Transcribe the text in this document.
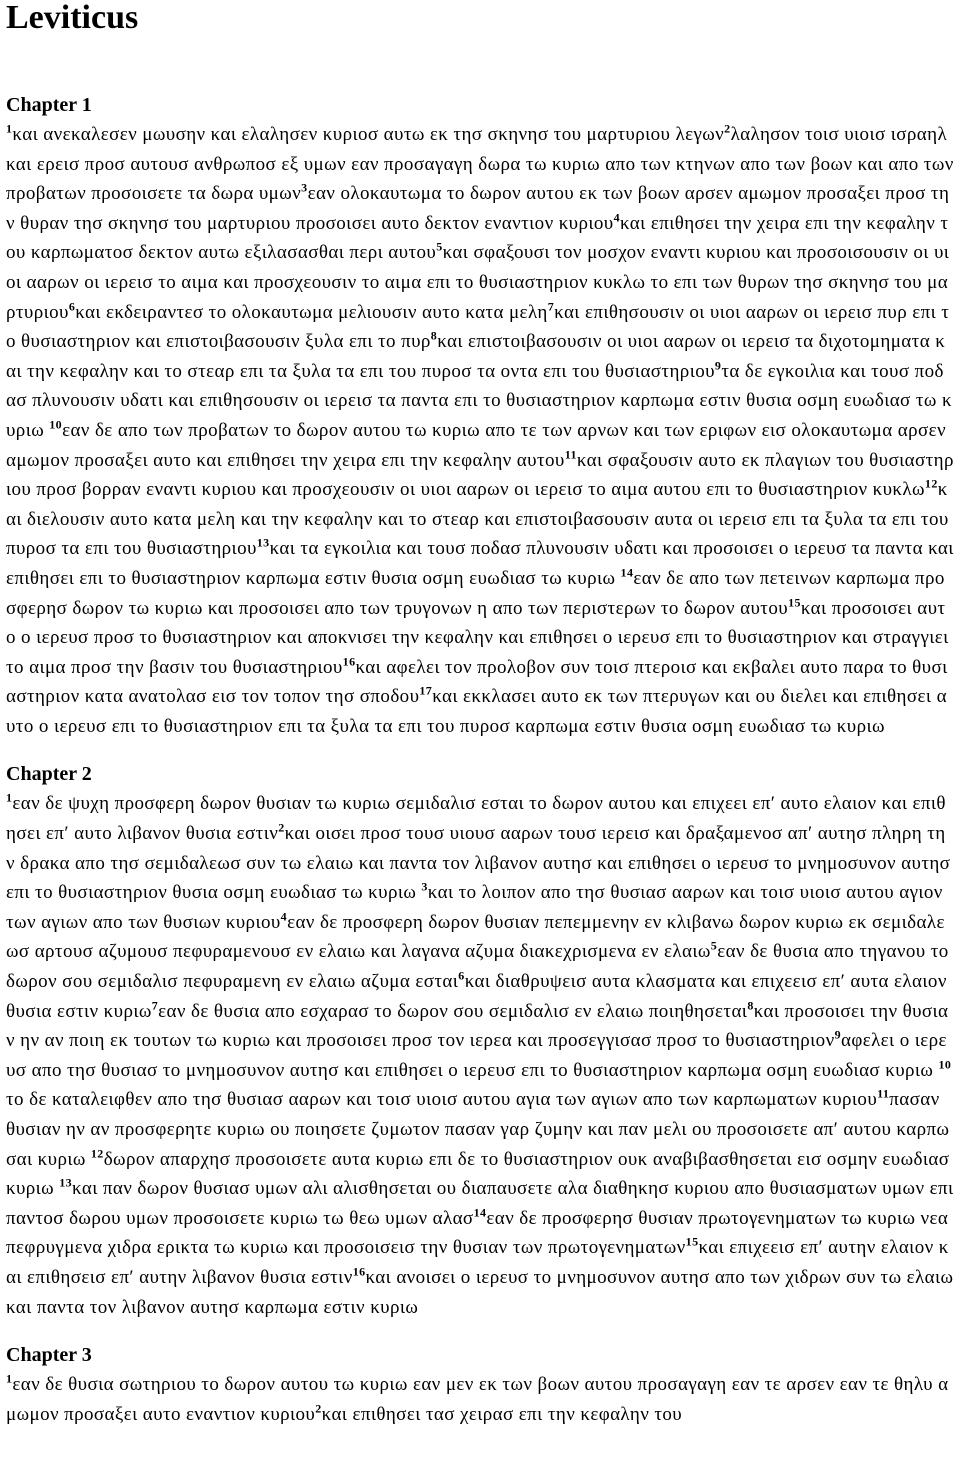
Leviticus
Chapter 1

$^1$και ανεκαλεσεν μωυσην και ελαλησεν κυριοσ αυτω εκ τησ σκηνησ του μαρτυριου λεγων$^2$λαλησον τοισ υιοισ ισραηλ και ερεισ προσ αυτουσ ανθρωποσ εξ υμων εαν προσαγαγη δωρα τω κυριω απο των κτηνων απο των βοων και απο των προβατων προσοισετε τα δωρα υμων$^3$εαν ολοκαυτωμα το δωρον αυτου εκ των βοων αρσεν αμωμον προσαξει προσ την θυραν τησ σκηνησ του μαρτυριου προσοισει αυτο δεκτον εναντιον κυριου$^4$και επιθησει την χειρα επι την κεφαλην του καρπωματοσ δεκτον αυτω εξιλασασθαι περι αυτου$^5$και σφαξουσι τον μοσχον εναντι κυριου και προσοισουσιν οι υιοι ααρων οι ιερεισ το αιμα και προσχεουσιν το αιμα επι το θυσιαστηριον κυκλω το επι των θυρων τησ σκηνησ του μαρτυριου$^6$και εκδειραντεσ το ολοκαυτωμα μελιουσιν αυτο κατα μελη$^7$και επιθησουσιν οι υιοι ααρων οι ιερεισ πυρ επι το θυσιαστηριον και επιστοιβασουσιν ξυλα επι το πυρ$^8$και επιστοιβασουσιν οι υιοι ααρων οι ιερεισ τα διχοτομηματα και την κεφαλην και το στεαρ επι τα ξυλα τα επι του πυροσ τα οντα επι του θυσιαστηριου$^9$τα δε εγκοιλια και τουσ ποδασ πλυνουσιν υδατι και επιθησουσιν οι ιερεισ τα παντα επι το θυσιαστηριον καρπωμα εστιν θυσια οσμη ευωδιασ τω κυριω $^{10}$εαν δε απο των προβατων το δωρον αυτου τω κυριω απο τε των αρνων και των εριφων εισ ολοκαυτωμα αρσεν αμωμον προσαξει αυτο και επιθησει την χειρα επι την κεφαλην αυτου$^{11}$και σφαξουσιν αυτο εκ πλαγιων του θυσιαστηριου προσ βορραν εναντι κυριου και προσχεουσιν οι υιοι ααρων οι ιερεισ το αιμα αυτου επι το θυσιαστηριον κυκλω$^{12}$και διελουσιν αυτο κατα μελη και την κεφαλην και το στεαρ και επιστοιβασουσιν αυτα οι ιερεισ επι τα ξυλα τα επι του πυροσ τα επι του θυσιαστηριου$^{13}$και τα εγκοιλια και τουσ ποδασ πλυνουσιν υδατι και προσοισει ο ιερευσ τα παντα και επιθησει επι το θυσιαστηριον καρπωμα εστιν θυσια οσμη ευωδιασ τω κυριω $^{14}$εαν δε απο των πετεινων καρπωμα προσφερησ δωρον τω κυριω και προσοισει απο των τρυγονων η απο των περιστερων το δωρον αυτου$^{15}$και προσοισει αυτο ο ιερευσ προσ το θυσιαστηριον και αποκνισει την κεφαλην και επιθησει ο ιερευσ επι το θυσιαστηριον και στραγγιει το αιμα προσ την βασιν του θυσιαστηριου$^{16}$και αφελει τον προλοβον συν τοισ πτεροισ και εκβαλει αυτο παρα το θυσιαστηριον κατα ανατολασ εισ τον τοπον τησ σποδου$^{17}$και εκκλασει αυτο εκ των πτερυγων και ου διελει και επιθησει αυτο ο ιερευσ επι το θυσιαστηριον επι τα ξυλα τα επι του πυροσ καρπωμα εστιν θυσια οσμη ευωδιασ τω κυριω

Chapter 2

$^1$εαν δε ψυχη προσφερη δωρον θυσιαν τω κυριω σεμιδαλισ εσται το δωρον αυτου και επιχεει επ′ αυτο ελαιον και επιθησει επ′ αυτο λιβανον θυσια εστιν$^2$και οισει προσ τουσ υιουσ ααρων τουσ ιερεισ και δραξαμενοσ απ′ αυτησ πληρη την δρακα απο τησ σεμιδαλεωσ συν τω ελαιω και παντα τον λιβανον αυτησ και επιθησει ο ιερευσ το μνημοσυνον αυτησ επι το θυσιαστηριον θυσια οσμη ευωδιασ τω κυριω $^3$και το λοιπον απο τησ θυσιασ ααρων και τοισ υιοισ αυτου αγιον των αγιων απο των θυσιων κυριου$^4$εαν δε προσφερη δωρον θυσιαν πεπεμμενην εν κλιβανω δωρον κυριω εκ σεμιδαλεωσ αρτουσ αζυμουσ πεφυραμενουσ εν ελαιω και λαγανα αζυμα διακεχρισμενα εν ελαιω$^5$εαν δε θυσια απο τηγανου το δωρον σου σεμιδαλισ πεφυραμενη εν ελαιω αζυμα εσται$^6$και διαθρυψεισ αυτα κλασματα και επιχεεισ επ′ αυτα ελαιον θυσια εστιν κυριω$^7$εαν δε θυσια απο εσχαρασ το δωρον σου σεμιδαλισ εν ελαιω ποιηθησεται$^8$και προσοισει την θυσιαν ην αν ποιη εκ τουτων τω κυριω και προσοισει προσ τον ιερεα και προσεγγισασ προσ το θυσιαστηριον$^9$αφελει ο ιερευσ απο τησ θυσιασ το μνημοσυνον αυτησ και επιθησει ο ιερευσ επι το θυσιαστηριον καρπωμα οσμη ευωδιασ κυριω $^{10}$το δε καταλειφθεν απο τησ θυσιασ ααρων και τοισ υιοισ αυτου αγια των αγιων απο των καρπωματων κυριου$^{11}$πασαν θυσιαν ην αν προσφερητε κυριω ου ποιησετε ζυμωτον πασαν γαρ ζυμην και παν μελι ου προσοισετε απ′ αυτου καρπωσαι κυριω $^{12}$δωρον απαρχησ προσοισετε αυτα κυριω επι δε το θυσιαστηριον ουκ αναβιβασθησεται εισ οσμην ευωδιασ κυριω $^{13}$και παν δωρον θυσιασ υμων αλι αλισθησεται ου διαπαυσετε αλα διαθηκησ κυριου απο θυσιασματων υμων επι παντοσ δωρου υμων προσοισετε κυριω τω θεω υμων αλασ$^{14}$εαν δε προσφερησ θυσιαν πρωτογενηματων τω κυριω νεα πεφρυγμενα χιδρα ερικτα τω κυριω και προσοισεισ την θυσιαν των πρωτογενηματων$^{15}$και επιχεεισ επ′ αυτην ελαιον και επιθησεισ επ′ αυτην λιβανον θυσια εστιν$^{16}$και ανοισει ο ιερευσ το μνημοσυνον αυτησ απο των χιδρων συν τω ελαιω και παντα τον λιβανον αυτησ καρπωμα εστιν κυριω

Chapter 3

$^1$εαν δε θυσια σωτηριου το δωρον αυτου τω κυριω εαν μεν εκ των βοων αυτου προσαγαγη εαν τε αρσεν εαν τε θηλυ αμωμον προσαξει αυτο εναντιον κυριου$^2$και επιθησει τασ χειρασ επι την κεφαλην του
